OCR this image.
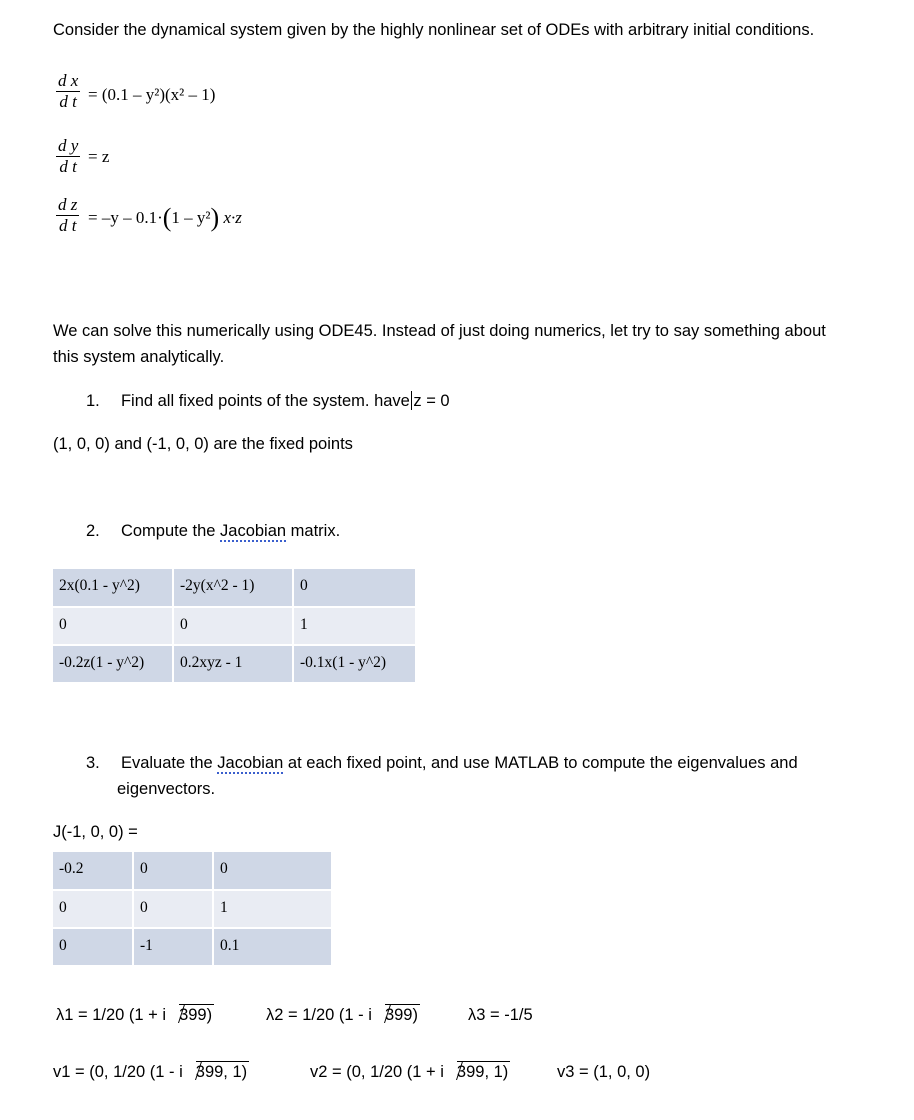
Consider the dynamical system given by the highly nonlinear set of ODEs with arbitrary initial conditions.
d x
d t = (0.1 – y²)(x² – 1)
d y
d t
= z
d z
d t = –y – 0.1·(1 – y²) x·z
We can solve this numerically using ODE45. Instead of just doing numerics, let try to say something about this system analytically.
1. Find all fixed points of the system. have z = 0
(1, 0, 0) and (-1, 0, 0) are the fixed points
2. Compute the Jacobian matrix.
2x(0.1 - y^2)	-2y(x^2 - 1)	0
0	0	1
-0.2z(1 - y^2)	0.2xyz - 1	-0.1x(1 - y^2)
3. Evaluate the Jacobian at each fixed point, and use MATLAB to compute the eigenvalues and
eigenvectors.
J(-1, 0, 0) =
-0.2	0	0
0	0	1
0	-1	0.1
λ1 = 1/20 (1 + i 399)	λ2 = 1/20 (1 - i 399)	λ3 = -1/5
v1 = (0, 1/20 (1 - i 399, 1)	v2 = (0, 1/20 (1 + i 399, 1)	v3 = (1, 0, 0)
